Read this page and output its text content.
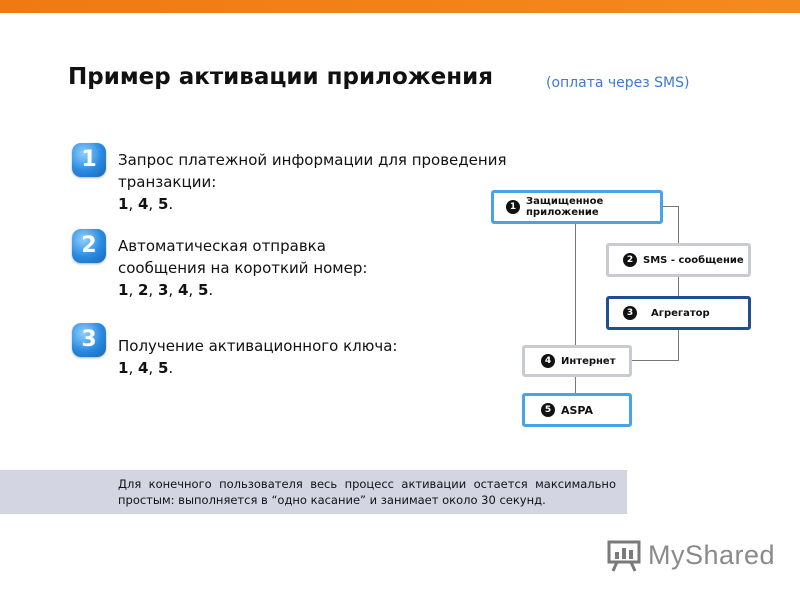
Пример активации приложения	(оплата через SMS)
1	Запрос платежной информации для проведения
транзакции:
1, 4, 5.
2	Автоматическая отправка
сообщения на короткий номер:
1, 2, 3, 4, 5.
3	Получение активационного ключа:
1, 4, 5.
1 Защищенное приложение
2 SMS - сообщение
3	Агрегатор
4 Интернет
5 ASPA
Для конечного пользователя весь процесс активации остается максимально простым: выполняется в “одно касание” и занимает около 30 секунд.
MyShared
